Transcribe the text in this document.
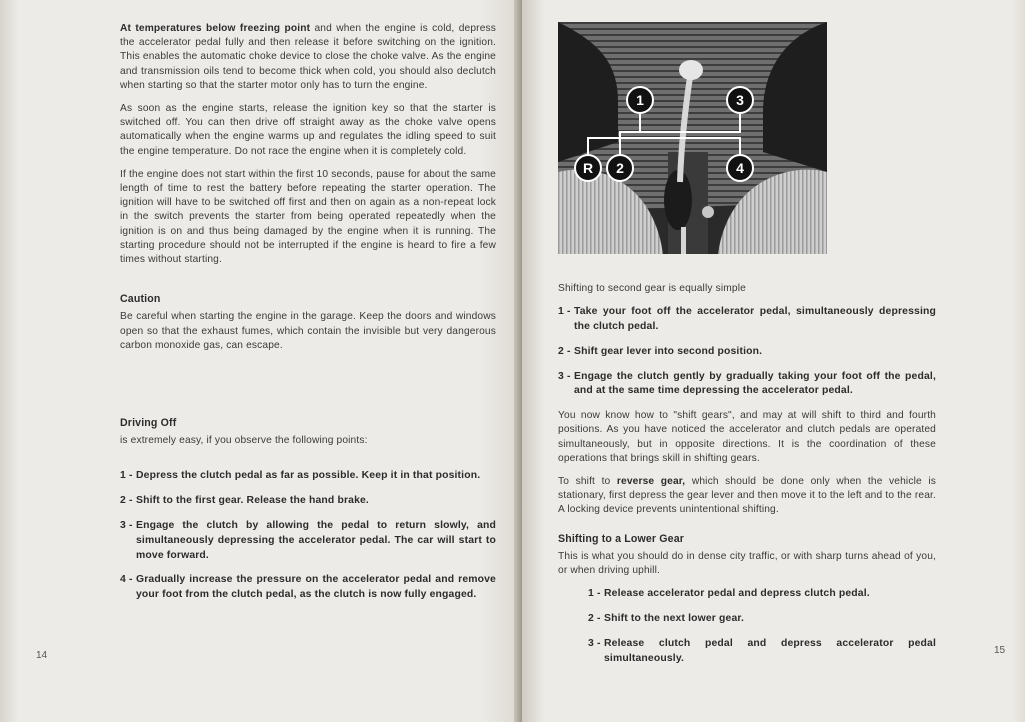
At temperatures below freezing point and when the engine is cold, depress the accelerator pedal fully and then release it before switching on the ignition. This enables the automatic choke device to close the choke valve. As the engine and transmission oils tend to become thick when cold, you should also declutch when starting so that the starter motor only has to turn the engine.

As soon as the engine starts, release the ignition key so that the starter is switched off. You can then drive off straight away as the choke valve opens automatically when the engine warms up and regulates the idling speed to suit the engine temperature. Do not race the engine when it is completely cold.

If the engine does not start within the first 10 seconds, pause for about the same length of time to rest the battery before repeating the starter operation. The ignition will have to be switched off first and then on again as a non-repeat lock in the switch prevents the starter from being operated repeatedly when the ignition is on and thus being damaged by the engine when it is running. The starting procedure should not be interrupted if the engine is heard to fire a few times without starting.

Caution

Be careful when starting the engine in the garage. Keep the doors and windows open so that the exhaust fumes, which contain the invisible but very dangerous carbon monoxide gas, can escape.

Driving Off

is extremely easy, if you observe the following points:

1 - Depress the clutch pedal as far as possible. Keep it in that position.
2 - Shift to the first gear. Release the hand brake.
3 - Engage the clutch by allowing the pedal to return slowly, and simultaneously depressing the accelerator pedal. The car will start to move forward.
4 - Gradually increase the pressure on the accelerator pedal and remove your foot from the clutch pedal, as the clutch is now fully engaged.
14
1	3
R 2	4

Shifting to second gear is equally simple

1 - Take your foot off the accelerator pedal, simultaneously depressing the clutch pedal.
2 - Shift gear lever into second position.
3 - Engage the clutch gently by gradually taking your foot off the pedal, and at the same time depressing the accelerator pedal.

You now know how to "shift gears", and may at will shift to third and fourth positions. As you have noticed the accelerator and clutch pedals are operated simultaneously, but in opposite directions. It is the coordination of these operations that brings skill in shifting gears.

To shift to reverse gear, which should be done only when the vehicle is stationary, first depress the gear lever and then move it to the left and to the rear. A locking device prevents unintentional shifting.

Shifting to a Lower Gear

This is what you should do in dense city traffic, or with sharp turns ahead of you, or when driving uphill.

1 - Release accelerator pedal and depress clutch pedal.
2 - Shift to the next lower gear.
3 - Release clutch pedal and depress accelerator pedal simultaneously.
15
